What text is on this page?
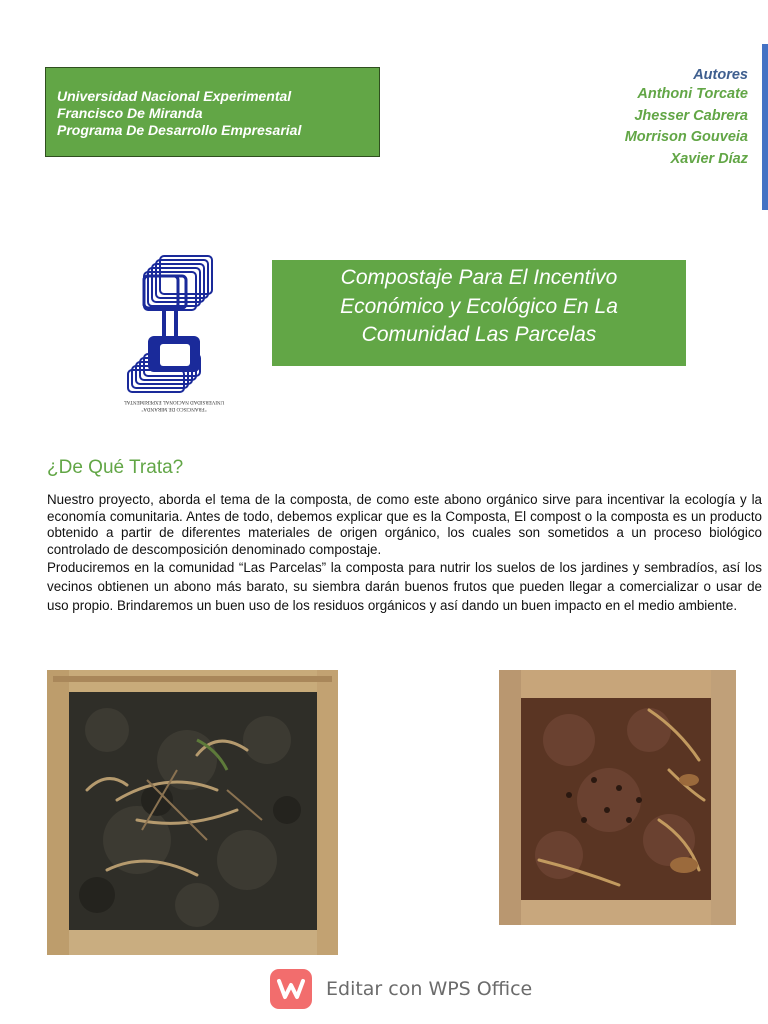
Universidad Nacional Experimental
Francisco De Miranda
Programa De Desarrollo Empresarial
Autores
Anthoni Torcate
Jhesser Cabrera
Morrison Gouveia
Xavier Díaz
UNIVERSIDAD NACIONAL EXPERIMENTAL
"FRANCISCO DE MIRANDA"
Compostaje Para El Incentivo
Económico y Ecológico En La
Comunidad Las Parcelas
¿De Qué Trata?

Nuestro proyecto, aborda el tema de la composta, de como este abono orgánico sirve para incentivar la ecología y la economía comunitaria. Antes de todo, debemos explicar que es la Composta, El compost o la composta es un producto obtenido a partir de diferentes materiales de origen orgánico, los cuales son sometidos a un proceso biológico controlado de descomposición denominado compostaje.

Produciremos en la comunidad “Las Parcelas” la composta para nutrir los suelos de los jardines y sembradíos, así los vecinos obtienen un abono más barato, su siembra darán buenos frutos que pueden llegar a comercializar o usar de uso propio. Brindaremos un buen uso de los residuos orgánicos y así dando un buen impacto en el medio ambiente.

Editar con WPS Office
